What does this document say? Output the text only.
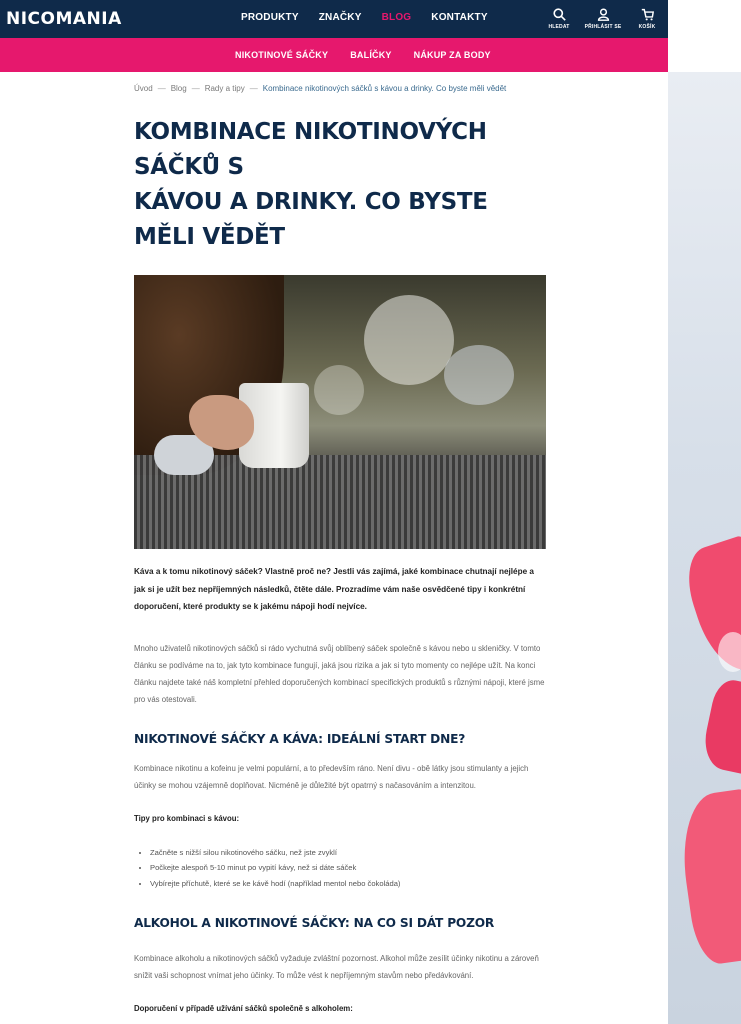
NICOMANIA	PRODUKTY ZNAČKY BLOG KONTAKTY
HLEDAT	PŘIHLÁSIT SE	KOŠÍK
NIKOTINOVÉ SÁČKY BALÍČKY NÁKUP ZA BODY
Úvod — Blog — Rady a tipy — Kombinace nikotinových sáčků s kávou a drinky. Co byste měli vědět
KOMBINACE NIKOTINOVÝCH SÁČKŮ S
KÁVOU A DRINKY. CO BYSTE MĚLI VĚDĚT

Káva a k tomu nikotinový sáček? Vlastně proč ne? Jestli vás zajímá, jaké kombinace chutnají nejlépe a jak si je užít bez nepříjemných následků, čtěte dále. Prozradíme vám naše osvědčené tipy i konkrétní doporučení, které produkty se k jakému nápoji hodí nejvíce.

Mnoho uživatelů nikotinových sáčků si rádo vychutná svůj oblíbený sáček společně s kávou nebo u skleničky. V tomto článku se podíváme na to, jak tyto kombinace fungují, jaká jsou rizika a jak si tyto momenty co nejlépe užít. Na konci článku najdete také náš kompletní přehled doporučených kombinací specifických produktů s různými nápoji, které jsme pro vás otestovali.

NIKOTINOVÉ SÁČKY A KÁVA: IDEÁLNÍ START DNE?

Kombinace nikotinu a kofeinu je velmi populární, a to především ráno. Není divu - obě látky jsou stimulanty a jejich účinky se mohou vzájemně doplňovat. Nicméně je důležité být opatrný s načasováním a intenzitou.

Tipy pro kombinaci s kávou:

• Začněte s nižší silou nikotinového sáčku, než jste zvyklí
• Počkejte alespoň 5-10 minut po vypití kávy, než si dáte sáček
• Vybírejte příchutě, které se ke kávě hodí (například mentol nebo čokoláda)
ALKOHOL A NIKOTINOVÉ SÁČKY: NA CO SI DÁT POZOR

Kombinace alkoholu a nikotinových sáčků vyžaduje zvláštní pozornost. Alkohol může zesílit účinky nikotinu a zároveň snížit vaši schopnost vnímat jeho účinky. To může vést k nepříjemným stavům nebo předávkování.

Doporučení v případě užívání sáčků společně s alkoholem:
